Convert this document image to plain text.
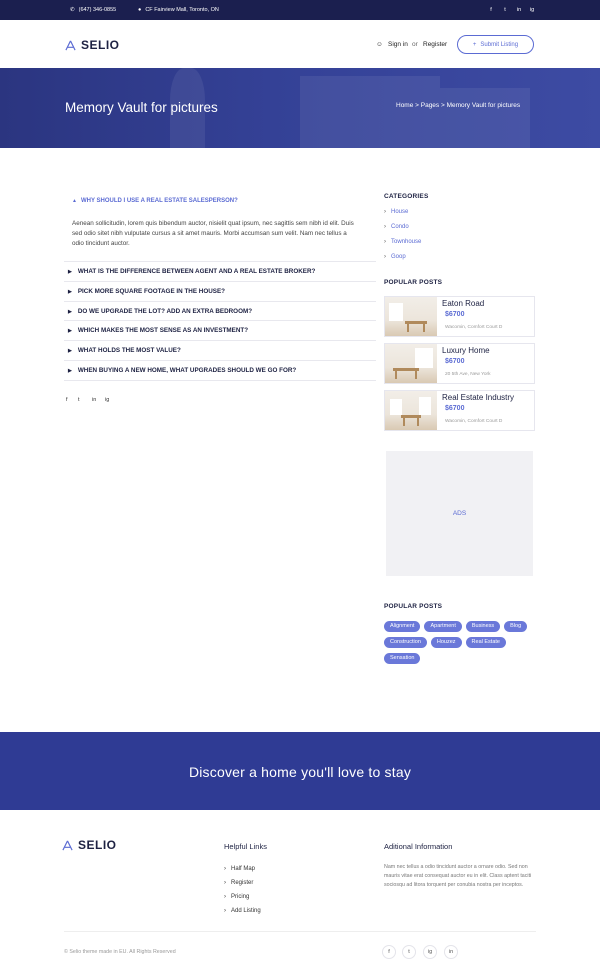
✆ (647) 346-0855	● CF Fairview Mall, Toronto, ON	f	t	in	ig
SELIO	☺ Sign in or Register	+ Submit Listing
Memory Vault for pictures	Home > Pages > Memory Vault for pictures
▲ WHY SHOULD I USE A REAL ESTATE SALESPERSON?

Aenean sollicitudin, lorem quis bibendum auctor, nisielit quat ipsum, nec sagittis sem nibh id elit. Duis sed odio sitet nibh vulputate cursus a sit amet mauris. Morbi accumsan sum velit. Nam nec tellus a odio tincidunt auctor.

▶ WHAT IS THE DIFFERENCE BETWEEN AGENT AND A REAL ESTATE BROKER?
▶ PICK MORE SQUARE FOOTAGE IN THE HOUSE?
▶ DO WE UPGRADE THE LOT? ADD AN EXTRA BEDROOM?
▶ WHICH MAKES THE MOST SENSE AS AN INVESTMENT?
▶ WHAT HOLDS THE MOST VALUE?
▶ WHEN BUYING A NEW HOME, WHAT UPGRADES SHOULD WE GO FOR?
f t in ig
CATEGORIES
› House
› Condo
› Townhouse
› Goop
POPULAR POSTS
Eaton Road
$6700
Wacomin, Comfort Court D
Luxury Home
$6700
20 5th Ave, New York
Real Estate Industry
$6700
Wacomin, Comfort Court D
ADS
POPULAR POSTS
Alignment	Apartment	Business	Blog
Construction	Houzez	Real Estate
Sensation
Discover a home you'll love to stay
SELIO	Helpful Links
› Half Map
› Register
› Pricing
› Add Listing
Aditional Information

Nam nec tellus a odio tincidunt auctor a ornare odio. Sed non mauris vitae erat consequat auctor eu in elit. Class aptent taciti sociosqu ad litora torquent per conubia nostra per inceptos.

© Selio theme made in EU. All Rights Reserved	f	t	ig	in
